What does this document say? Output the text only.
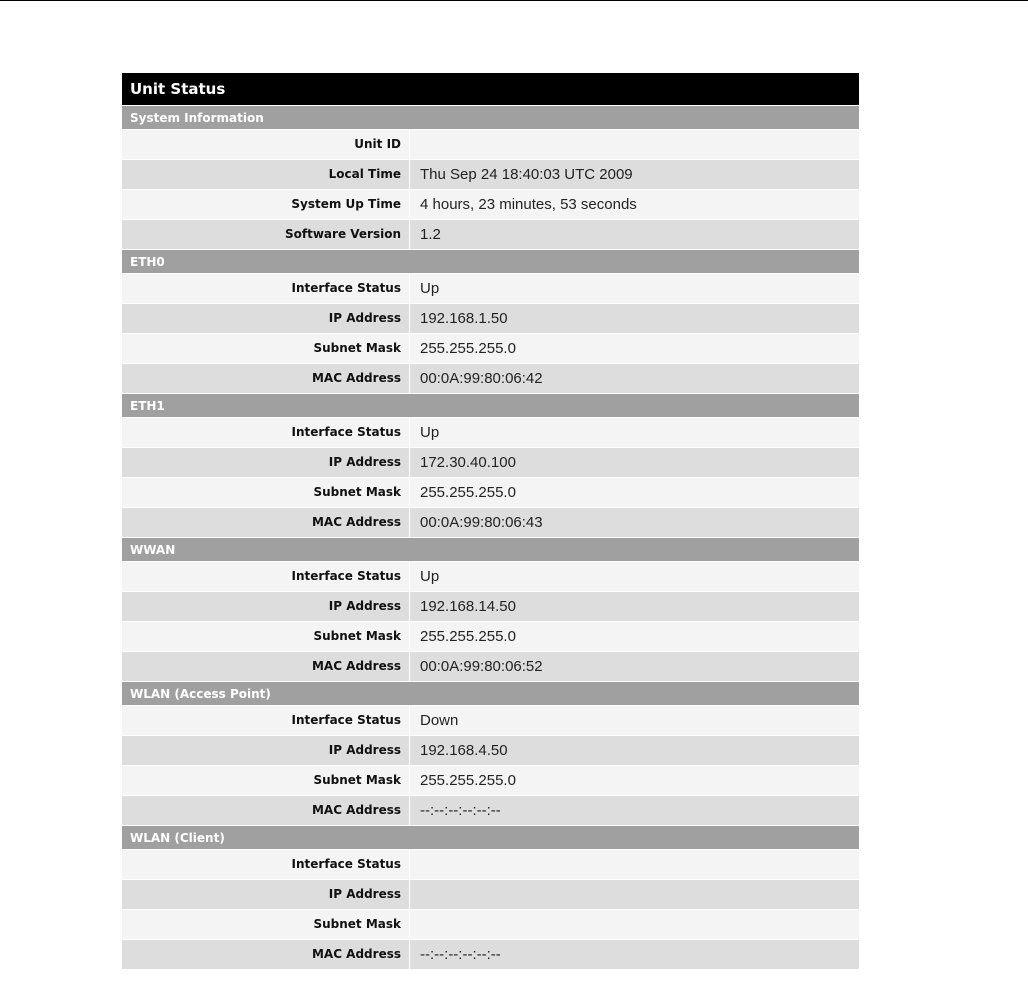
Unit Status
System Information
Unit ID
Local Time	Thu Sep 24 18:40:03 UTC 2009
System Up Time	4 hours, 23 minutes, 53 seconds
Software Version	1.2
ETH0
Interface Status	Up
IP Address	192.168.1.50
Subnet Mask	255.255.255.0
MAC Address	00:0A:99:80:06:42
ETH1
Interface Status	Up
IP Address	172.30.40.100
Subnet Mask	255.255.255.0
MAC Address	00:0A:99:80:06:43
WWAN
Interface Status	Up
IP Address	192.168.14.50
Subnet Mask	255.255.255.0
MAC Address	00:0A:99:80:06:52
WLAN (Access Point)
Interface Status	Down
IP Address	192.168.4.50
Subnet Mask	255.255.255.0
MAC Address	--:--:--:--:--:--
WLAN (Client)
Interface Status
IP Address
Subnet Mask
MAC Address	--:--:--:--:--:--
